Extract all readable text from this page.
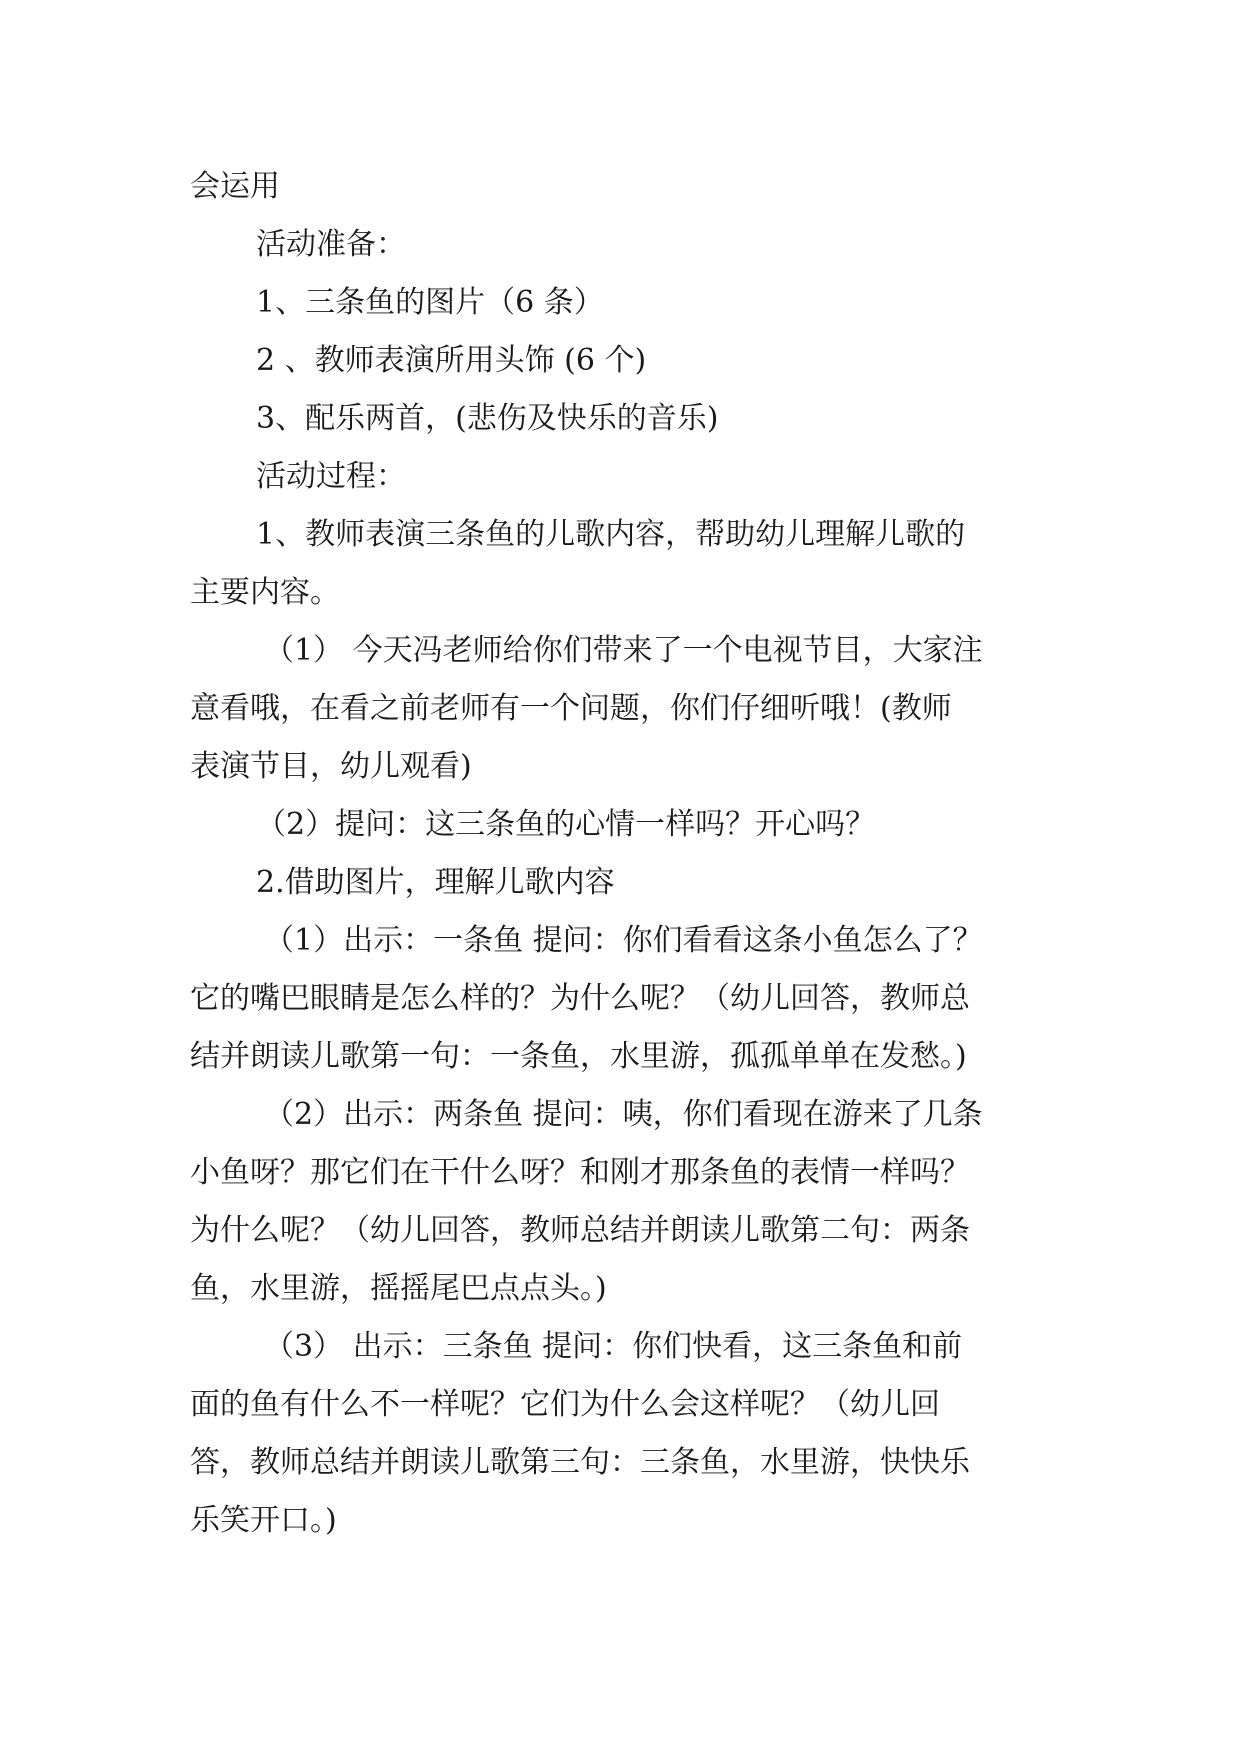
会运用

活动准备：

1、三条鱼的图片（6 条）

2 、教师表演所用头饰 (6 个)

3、配乐两首，(悲伤及快乐的音乐)

活动过程：

1、教师表演三条鱼的儿歌内容，帮助幼儿理解儿歌的

主要内容。

（1） 今天冯老师给你们带来了一个电视节目，大家注

意看哦，在看之前老师有一个问题，你们仔细听哦！(教师

表演节目，幼儿观看)

（2）提问：这三条鱼的心情一样吗？开心吗？

2.借助图片，理解儿歌内容

（1）出示：一条鱼 提问：你们看看这条小鱼怎么了？

它的嘴巴眼睛是怎么样的？为什么呢？（幼儿回答，教师总

结并朗读儿歌第一句：一条鱼，水里游，孤孤单单在发愁。)

（2）出示：两条鱼 提问：咦，你们看现在游来了几条

小鱼呀？那它们在干什么呀？和刚才那条鱼的表情一样吗？

为什么呢？（幼儿回答，教师总结并朗读儿歌第二句：两条

鱼，水里游，摇摇尾巴点点头。)

（3） 出示：三条鱼 提问：你们快看，这三条鱼和前

面的鱼有什么不一样呢？它们为什么会这样呢？（幼儿回

答，教师总结并朗读儿歌第三句：三条鱼，水里游，快快乐

乐笑开口。)
